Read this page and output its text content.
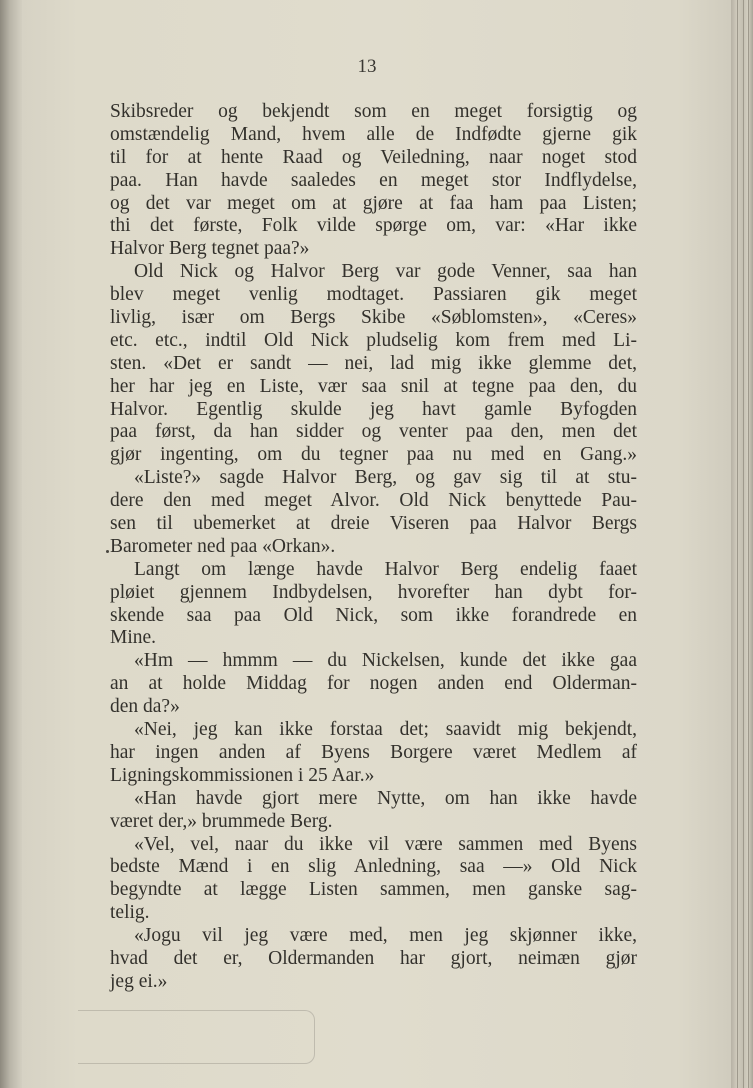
13
Skibsreder og bekjendt som en meget forsigtig og
omstændelig Mand, hvem alle de Indfødte gjerne gik
til for at hente Raad og Veiledning, naar noget stod
paa. Han havde saaledes en meget stor Indflydelse,
og det var meget om at gjøre at faa ham paa Listen;
thi det første, Folk vilde spørge om, var: «Har ikke
Halvor Berg tegnet paa?»
Old Nick og Halvor Berg var gode Venner, saa han
blev meget venlig modtaget. Passiaren gik meget
livlig, især om Bergs Skibe «Søblomsten», «Ceres»
etc. etc., indtil Old Nick pludselig kom frem med Li-
sten. «Det er sandt — nei, lad mig ikke glemme det,
her har jeg en Liste, vær saa snil at tegne paa den, du
Halvor. Egentlig skulde jeg havt gamle Byfogden
paa først, da han sidder og venter paa den, men det
gjør ingenting, om du tegner paa nu med en Gang.»
«Liste?» sagde Halvor Berg, og gav sig til at stu-
dere den med meget Alvor. Old Nick benyttede Pau-
sen til ubemerket at dreie Viseren paa Halvor Bergs
Barometer ned paa «Orkan».
Langt om længe havde Halvor Berg endelig faaet
pløiet gjennem Indbydelsen, hvorefter han dybt for-
skende saa paa Old Nick, som ikke forandrede en
Mine.
«Hm — hmmm — du Nickelsen, kunde det ikke gaa
an at holde Middag for nogen anden end Olderman-
den da?»
«Nei, jeg kan ikke forstaa det; saavidt mig bekjendt,
har ingen anden af Byens Borgere været Medlem af
Ligningskommissionen i 25 Aar.»
«Han havde gjort mere Nytte, om han ikke havde
været der,» brummede Berg.
«Vel, vel, naar du ikke vil være sammen med Byens
bedste Mænd i en slig Anledning, saa —» Old Nick
begyndte at lægge Listen sammen, men ganske sag-
telig.
«Jogu vil jeg være med, men jeg skjønner ikke,
hvad det er, Oldermanden har gjort, neimæn gjør
jeg ei.»
